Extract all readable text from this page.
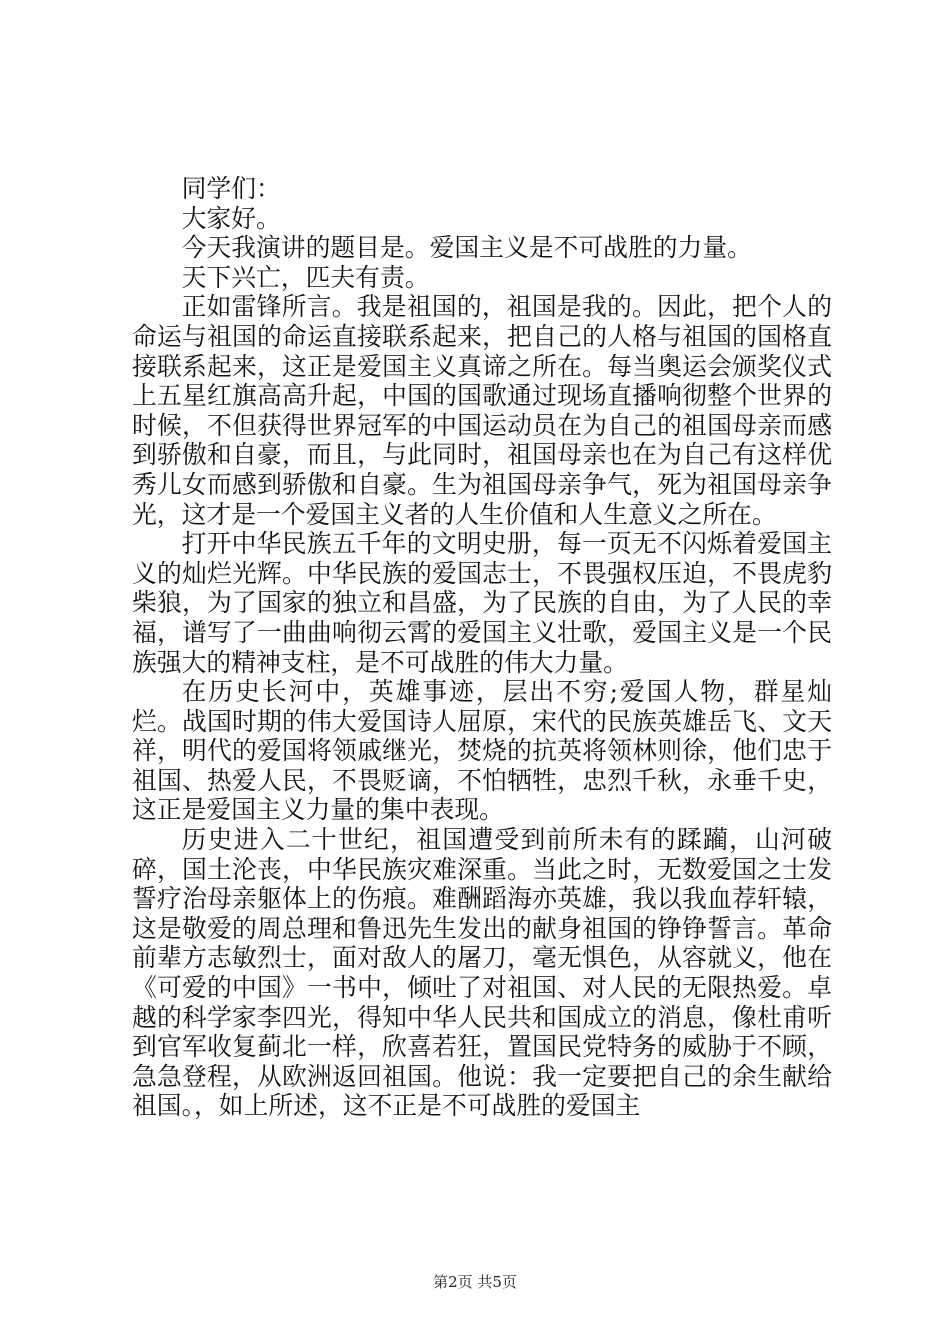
同学们：

大家好。

今天我演讲的题目是。爱国主义是不可战胜的力量。

天下兴亡，匹夫有责。

正如雷锋所言。我是祖国的，祖国是我的。因此，把个人的命运与祖国的命运直接联系起来，把自己的人格与祖国的国格直接联系起来，这正是爱国主义真谛之所在。每当奥运会颁奖仪式上五星红旗高高升起，中国的国歌通过现场直播响彻整个世界的时候，不但获得世界冠军的中国运动员在为自己的祖国母亲而感到骄傲和自豪，而且，与此同时，祖国母亲也在为自己有这样优秀儿女而感到骄傲和自豪。生为祖国母亲争气，死为祖国母亲争光，这才是一个爱国主义者的人生价值和人生意义之所在。

打开中华民族五千年的文明史册，每一页无不闪烁着爱国主义的灿烂光辉。中华民族的爱国志士，不畏强权压迫，不畏虎豹柴狼，为了国家的独立和昌盛，为了民族的自由，为了人民的幸福，谱写了一曲曲响彻云霄的爱国主义壮歌，爱国主义是一个民族强大的精神支柱，是不可战胜的伟大力量。

在历史长河中，英雄事迹，层出不穷;爱国人物，群星灿烂。战国时期的伟大爱国诗人屈原，宋代的民族英雄岳飞、文天祥，明代的爱国将领戚继光，焚烧的抗英将领林则徐，他们忠于祖国、热爱人民，不畏贬谪，不怕牺牲，忠烈千秋，永垂千史，这正是爱国主义力量的集中表现。

历史进入二十世纪，祖国遭受到前所未有的蹂躏，山河破碎，国土沦丧，中华民族灾难深重。当此之时，无数爱国之士发誓疗治母亲躯体上的伤痕。难酬蹈海亦英雄，我以我血荐轩辕，这是敬爱的周总理和鲁迅先生发出的献身祖国的铮铮誓言。革命前辈方志敏烈士，面对敌人的屠刀，毫无惧色，从容就义，他在《可爱的中国》一书中，倾吐了对祖国、对人民的无限热爱。卓越的科学家李四光，得知中华人民共和国成立的消息，像杜甫听到官军收复蓟北一样，欣喜若狂，置国民党特务的威胁于不顾，急急登程，从欧洲返回祖国。他说：我一定要把自己的余生献给祖国。，如上所述，这不正是不可战胜的爱国主

第2页 共5页
